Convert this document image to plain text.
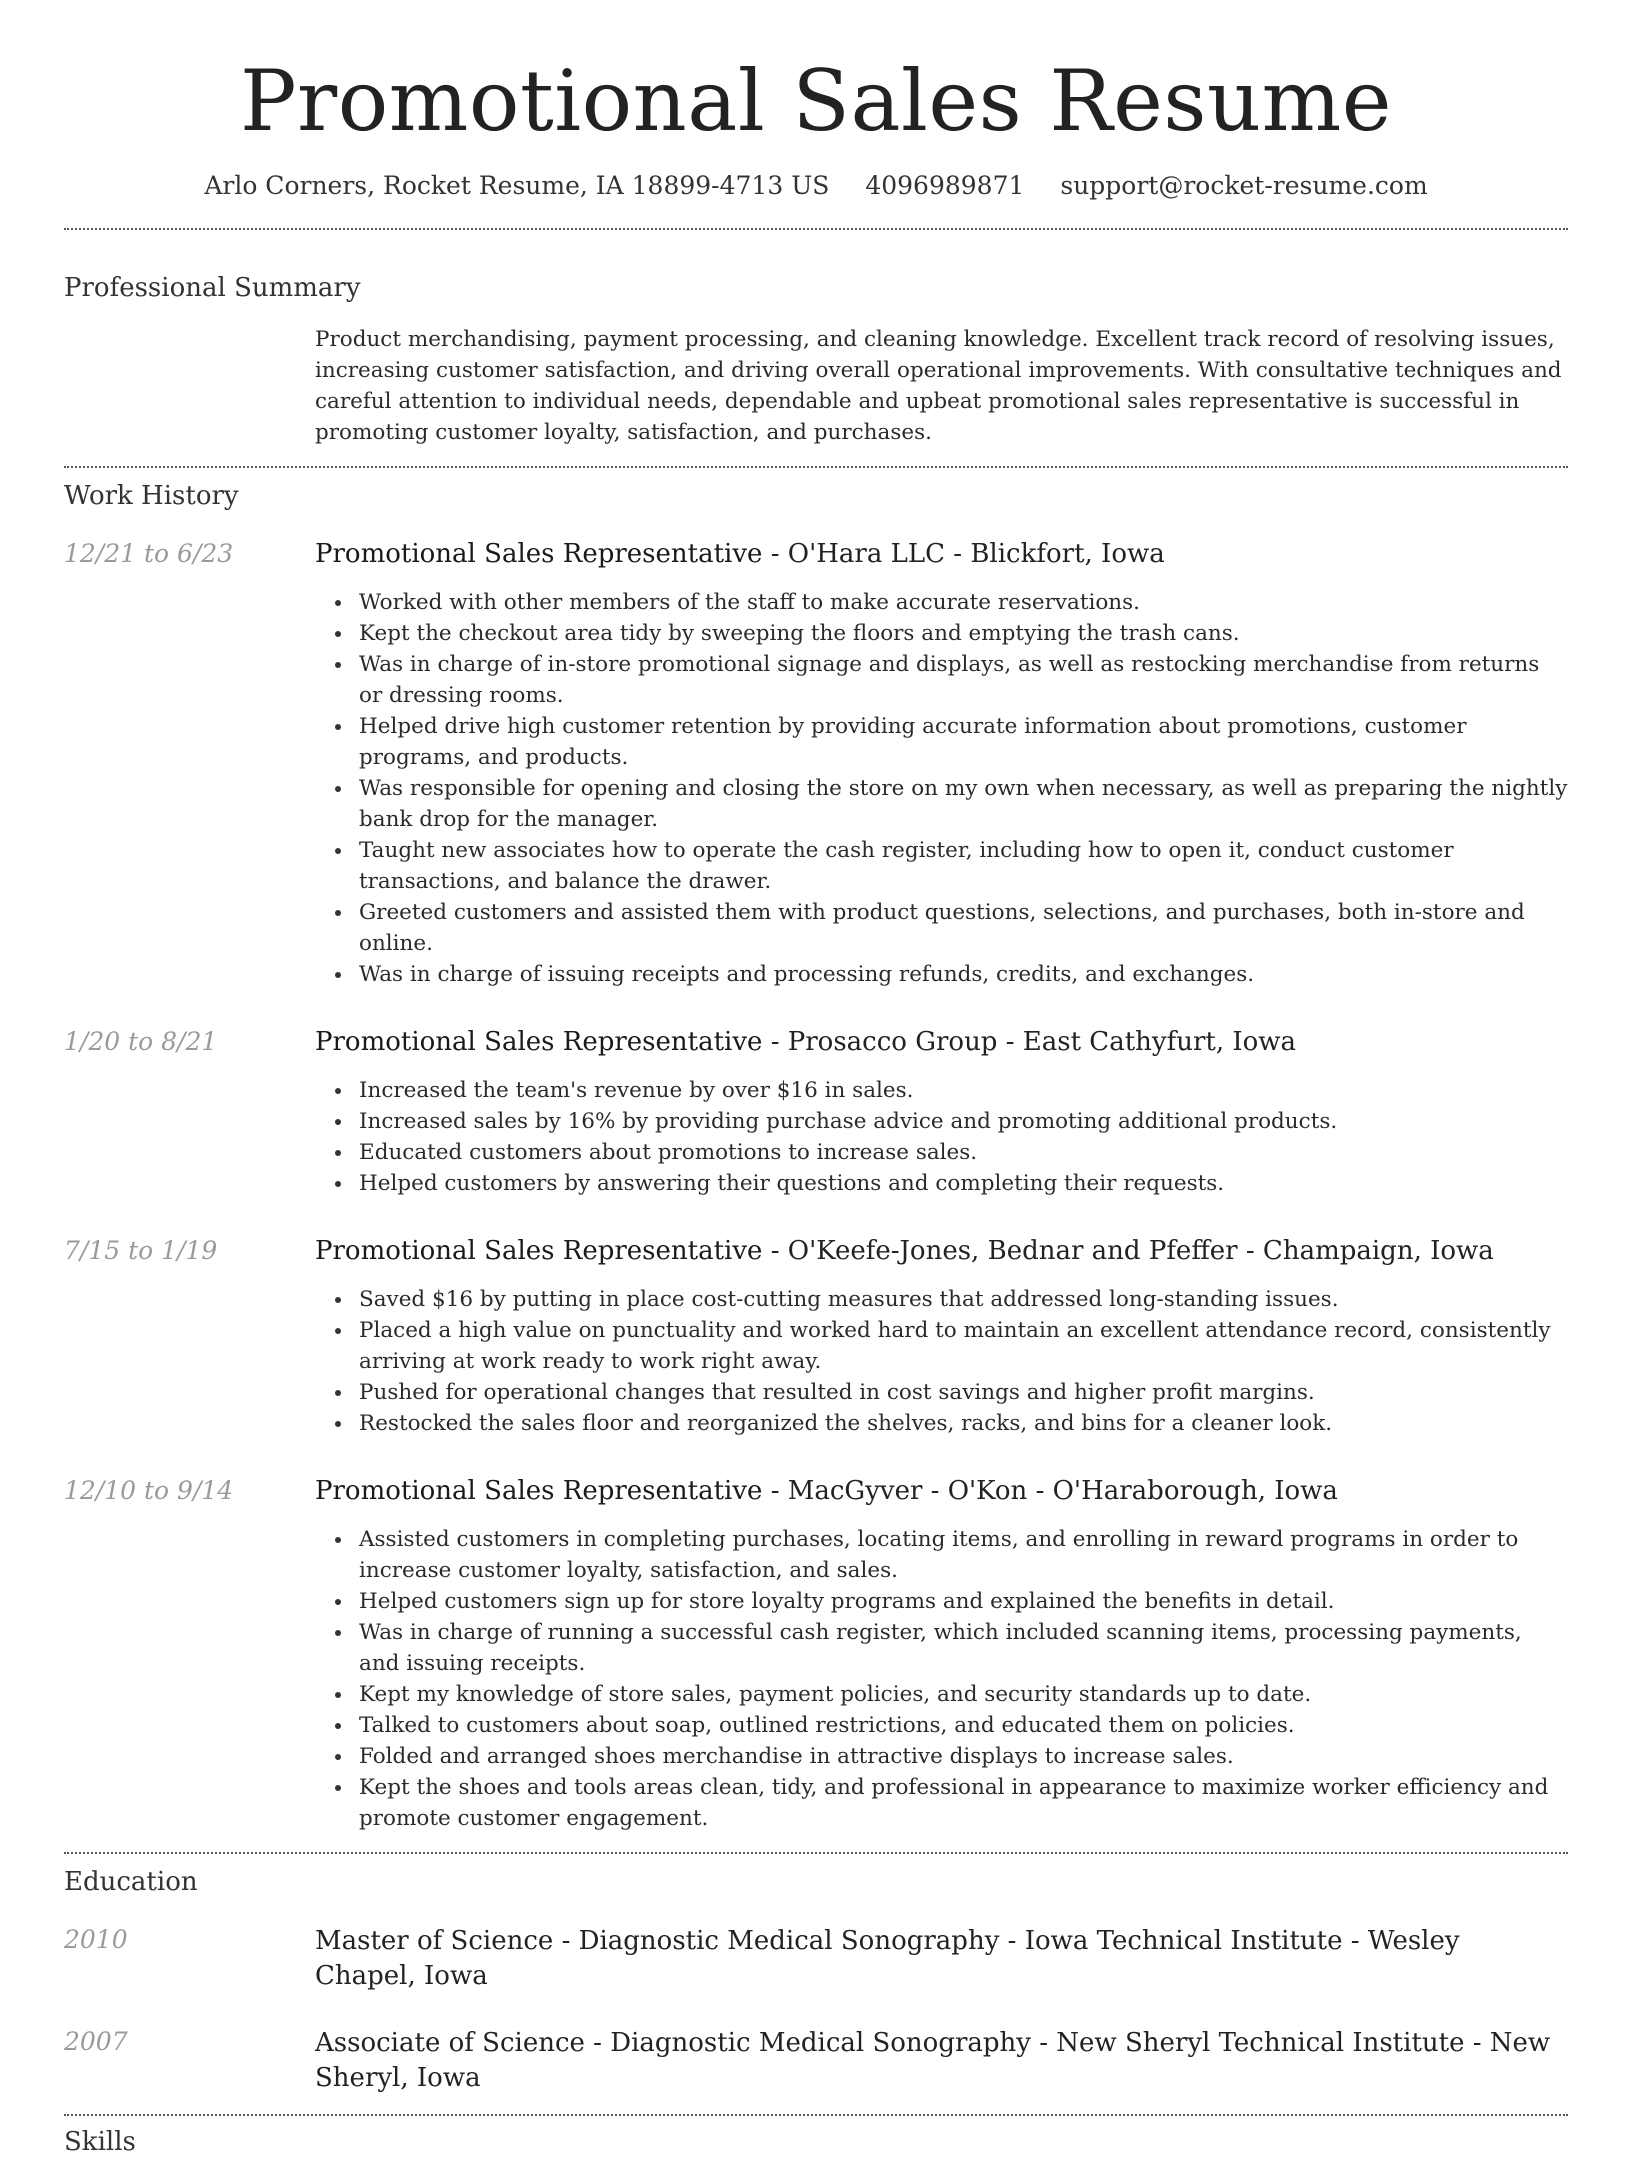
Promotional Sales Resume
Arlo Corners, Rocket Resume, IA 18899-4713 US 4096989871 support@rocket-resume.com
Professional Summary
Product merchandising, payment processing, and cleaning knowledge. Excellent track record of resolving issues, increasing customer satisfaction, and driving overall operational improvements. With consultative techniques and careful attention to individual needs, dependable and upbeat promotional sales representative is successful in promoting customer loyalty, satisfaction, and purchases.
Work History
12/21 to 6/23	Promotional Sales Representative - O'Hara LLC - Blickfort, Iowa
Worked with other members of the staff to make accurate reservations.
Kept the checkout area tidy by sweeping the floors and emptying the trash cans.
Was in charge of in-store promotional signage and displays, as well as restocking merchandise from returns or dressing rooms.
Helped drive high customer retention by providing accurate information about promotions, customer programs, and products.
Was responsible for opening and closing the store on my own when necessary, as well as preparing the nightly bank drop for the manager.
Taught new associates how to operate the cash register, including how to open it, conduct customer transactions, and balance the drawer.
Greeted customers and assisted them with product questions, selections, and purchases, both in-store and online.
Was in charge of issuing receipts and processing refunds, credits, and exchanges.
1/20 to 8/21	Promotional Sales Representative - Prosacco Group - East Cathyfurt, Iowa
Increased the team's revenue by over $16 in sales.
Increased sales by 16% by providing purchase advice and promoting additional products.
Educated customers about promotions to increase sales.
Helped customers by answering their questions and completing their requests.
7/15 to 1/19	Promotional Sales Representative - O'Keefe-Jones, Bednar and Pfeffer - Champaign, Iowa
Saved $16 by putting in place cost-cutting measures that addressed long-standing issues.
Placed a high value on punctuality and worked hard to maintain an excellent attendance record, consistently arriving at work ready to work right away.
Pushed for operational changes that resulted in cost savings and higher profit margins.
Restocked the sales floor and reorganized the shelves, racks, and bins for a cleaner look.
12/10 to 9/14	Promotional Sales Representative - MacGyver - O'Kon - O'Haraborough, Iowa
Assisted customers in completing purchases, locating items, and enrolling in reward programs in order to increase customer loyalty, satisfaction, and sales.
Helped customers sign up for store loyalty programs and explained the benefits in detail.
Was in charge of running a successful cash register, which included scanning items, processing payments, and issuing receipts.
Kept my knowledge of store sales, payment policies, and security standards up to date.
Talked to customers about soap, outlined restrictions, and educated them on policies.
Folded and arranged shoes merchandise in attractive displays to increase sales.
Kept the shoes and tools areas clean, tidy, and professional in appearance to maximize worker efficiency and promote customer engagement.
Education
2010	Master of Science - Diagnostic Medical Sonography - Iowa Technical Institute - Wesley Chapel, Iowa
2007	Associate of Science - Diagnostic Medical Sonography - New Sheryl Technical Institute - New Sheryl, Iowa
Skills
